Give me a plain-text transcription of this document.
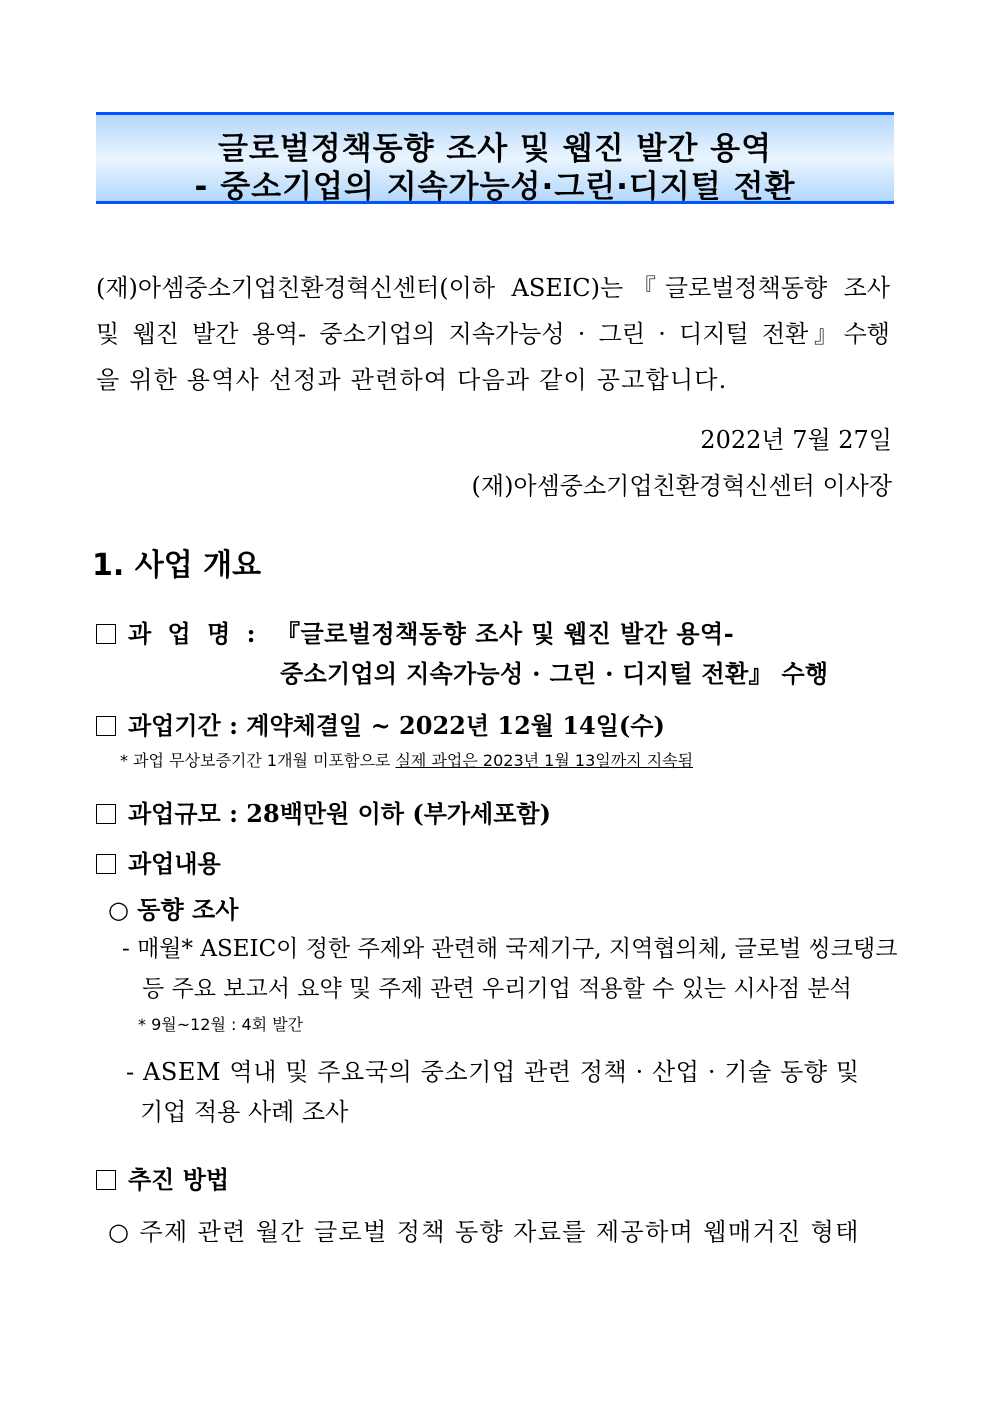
글로벌정책동향 조사 및 웹진 발간 용역
- 중소기업의 지속가능성·그린·디지털 전환
(재)아셈중소기업친환경혁신센터(이하 ASEIC)는『글로벌정책동향 조사
및 웹진 발간 용역- 중소기업의 지속가능성 · 그린 · 디지털 전환』수행
을 위한 용역사 선정과 관련하여 다음과 같이 공고합니다.
2022년 7월 27일
(재)아셈중소기업친환경혁신센터 이사장
1. 사업 개요
과 업 명 : 『글로벌정책동향 조사 및 웹진 발간 용역-
중소기업의 지속가능성 · 그린 · 디지털 전환』 수행
과업기간 : 계약체결일 ~ 2022년 12월 14일(수)
* 과업 무상보증기간 1개월 미포함으로 실제 과업은 2023년 1월 13일까지 지속됨
과업규모 : 28백만원 이하 (부가세포함)
과업내용
○ 동향 조사
- 매월* ASEIC이 정한 주제와 관련해 국제기구, 지역협의체, 글로벌 씽크탱크
등 주요 보고서 요약 및 주제 관련 우리기업 적용할 수 있는 시사점 분석
* 9월~12월 : 4회 발간
- ASEM 역내 및 주요국의 중소기업 관련 정책 · 산업 · 기술 동향 및
기업 적용 사례 조사
추진 방법
○ 주제 관련 월간 글로벌 정책 동향 자료를 제공하며 웹매거진 형태
